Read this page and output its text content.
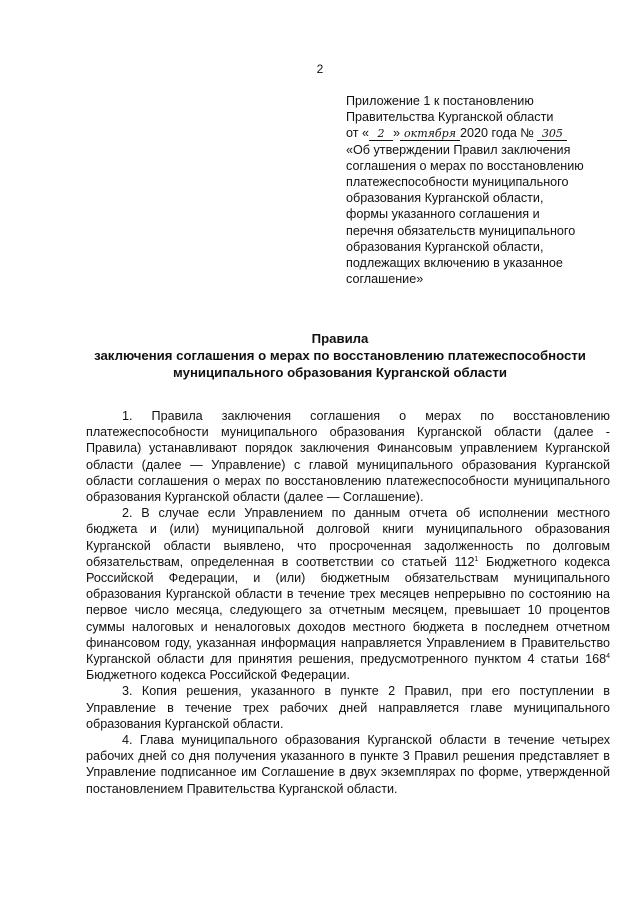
2
Приложение 1 к постановлению
Правительства Курганской области
от « 2 » октября 2020 года № 305
«Об утверждении Правил заключения
соглашения о мерах по восстановлению
платежеспособности муниципального
образования Курганской области,
формы указанного соглашения и
перечня обязательств муниципального
образования Курганской области,
подлежащих включению в указанное
соглашение»
Правила
заключения соглашения о мерах по восстановлению платежеспособности
муниципального образования Курганской области

1. Правила заключения соглашения о мерах по восстановлению платежеспособности муниципального образования Курганской области (далее - Правила) устанавливают порядок заключения Финансовым управлением Курганской области (далее — Управление) с главой муниципального образования Курганской области соглашения о мерах по восстановлению платежеспособности муниципального образования Курганской области (далее — Соглашение).

2. В случае если Управлением по данным отчета об исполнении местного бюджета и (или) муниципальной долговой книги муниципального образования Курганской области выявлено, что просроченная задолженность по долговым обязательствам, определенная в соответствии со статьей $112^1$ Бюджетного кодекса Российской Федерации, и (или) бюджетным обязательствам муниципального образования Курганской области в течение трех месяцев непрерывно по состоянию на первое число месяца, следующего за отчетным месяцем, превышает 10 процентов суммы налоговых и неналоговых доходов местного бюджета в последнем отчетном финансовом году, указанная информация направляется Управлением в Правительство Курганской области для принятия решения, предусмотренного пунктом 4 статьи $168^4$ Бюджетного кодекса Российской Федерации.

3. Копия решения, указанного в пункте 2 Правил, при его поступлении в Управление в течение трех рабочих дней направляется главе муниципального образования Курганской области.

4. Глава муниципального образования Курганской области в течение четырех рабочих дней со дня получения указанного в пункте 3 Правил решения представляет в Управление подписанное им Соглашение в двух экземплярах по форме, утвержденной постановлением Правительства Курганской области.
